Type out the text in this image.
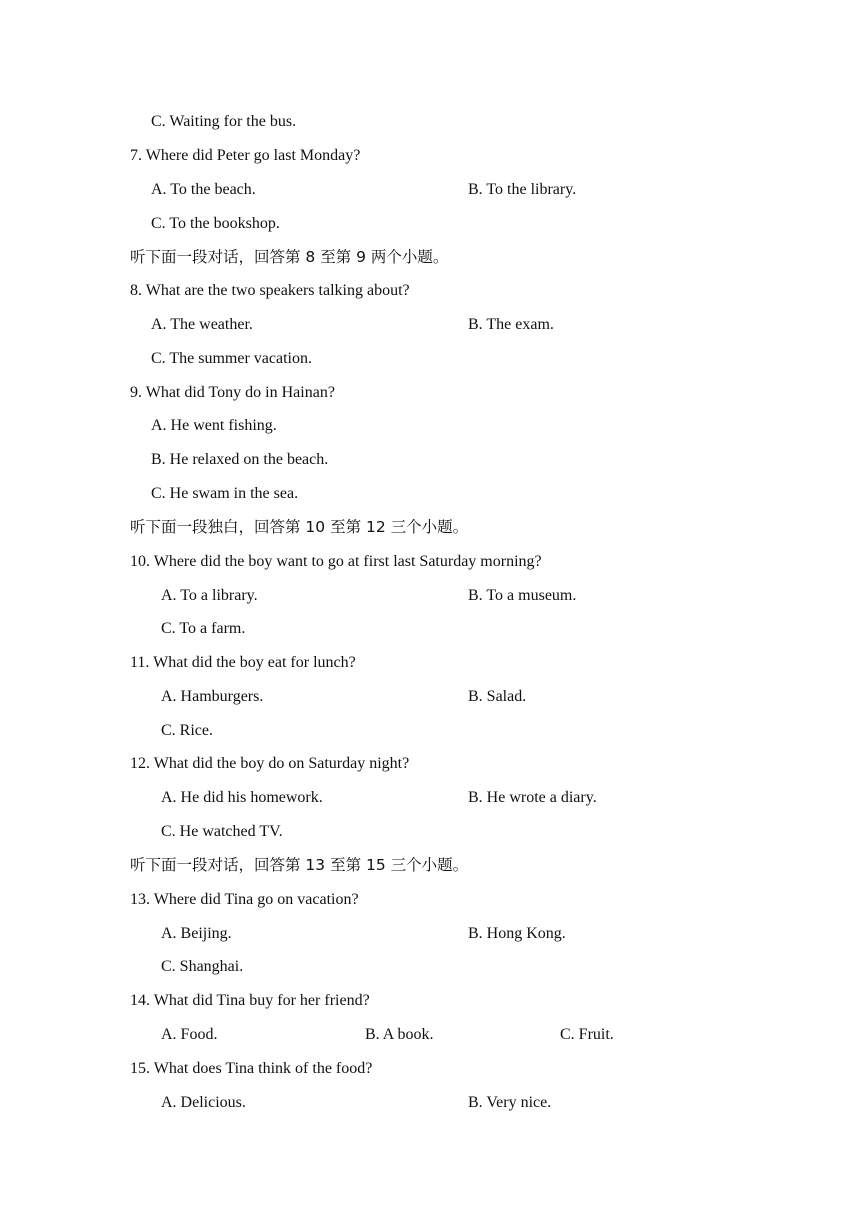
C. Waiting for the bus.
7. Where did Peter go last Monday?
A. To the beach.	B. To the library.
C. To the bookshop.
听下面一段对话，回答第 8 至第 9 两个小题。
8. What are the two speakers talking about?
A. The weather.	B. The exam.
C. The summer vacation.
9. What did Tony do in Hainan?
A. He went fishing.
B. He relaxed on the beach.
C. He swam in the sea.
听下面一段独白，回答第 10 至第 12 三个小题。
10. Where did the boy want to go at first last Saturday morning?
A. To a library.	B. To a museum.
C. To a farm.
11. What did the boy eat for lunch?
A. Hamburgers.	B. Salad.
C. Rice.
12. What did the boy do on Saturday night?
A. He did his homework.	B. He wrote a diary.
C. He watched TV.
听下面一段对话，回答第 13 至第 15 三个小题。
13. Where did Tina go on vacation?
A. Beijing.	B. Hong Kong.
C. Shanghai.
14. What did Tina buy for her friend?
A. Food.	B. A book.	C. Fruit.
15. What does Tina think of the food?
A. Delicious.	B. Very nice.
